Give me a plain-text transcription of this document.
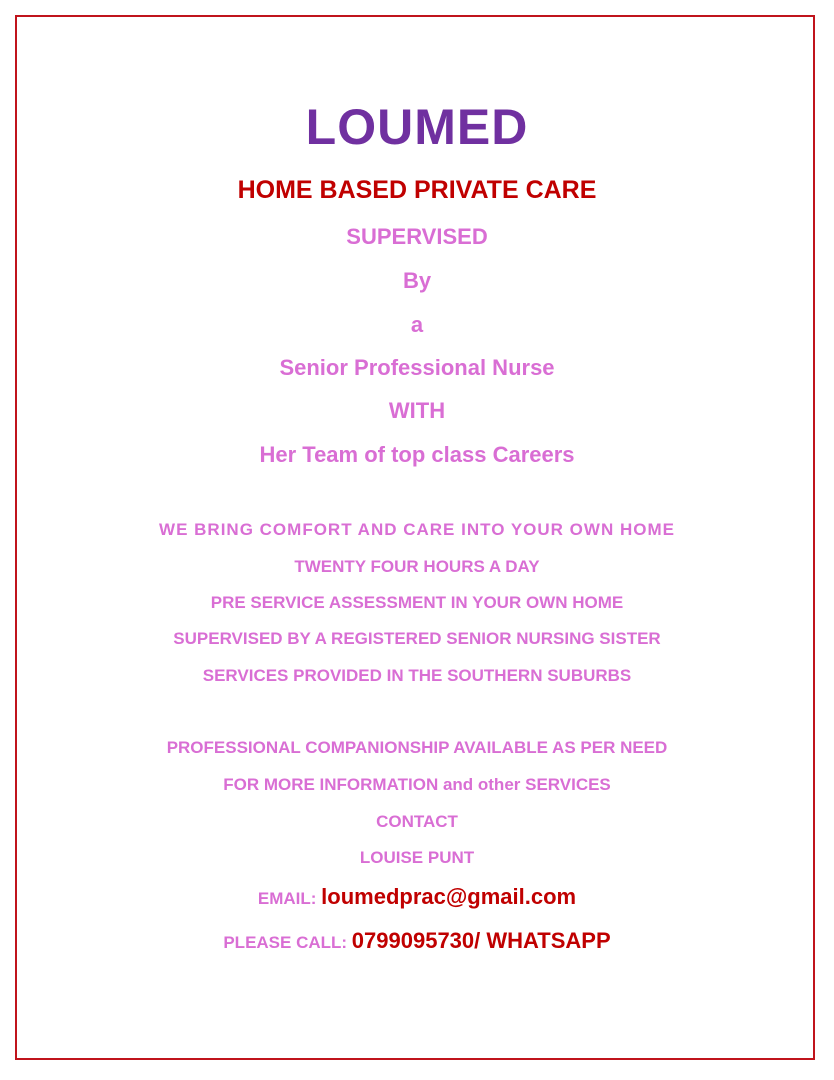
LOUMED
HOME BASED PRIVATE CARE
SUPERVISED
By
a
Senior Professional Nurse
WITH
Her Team of top class Careers
WE BRING COMFORT AND CARE INTO YOUR OWN HOME
TWENTY FOUR HOURS A DAY
PRE SERVICE ASSESSMENT IN YOUR OWN HOME
SUPERVISED BY A REGISTERED SENIOR NURSING SISTER
SERVICES PROVIDED IN THE SOUTHERN SUBURBS
PROFESSIONAL COMPANIONSHIP AVAILABLE AS PER NEED
FOR MORE INFORMATION and other SERVICES
CONTACT
LOUISE PUNT
EMAIL: loumedprac@gmail.com
PLEASE CALL: 0799095730/ WHATSAPP
